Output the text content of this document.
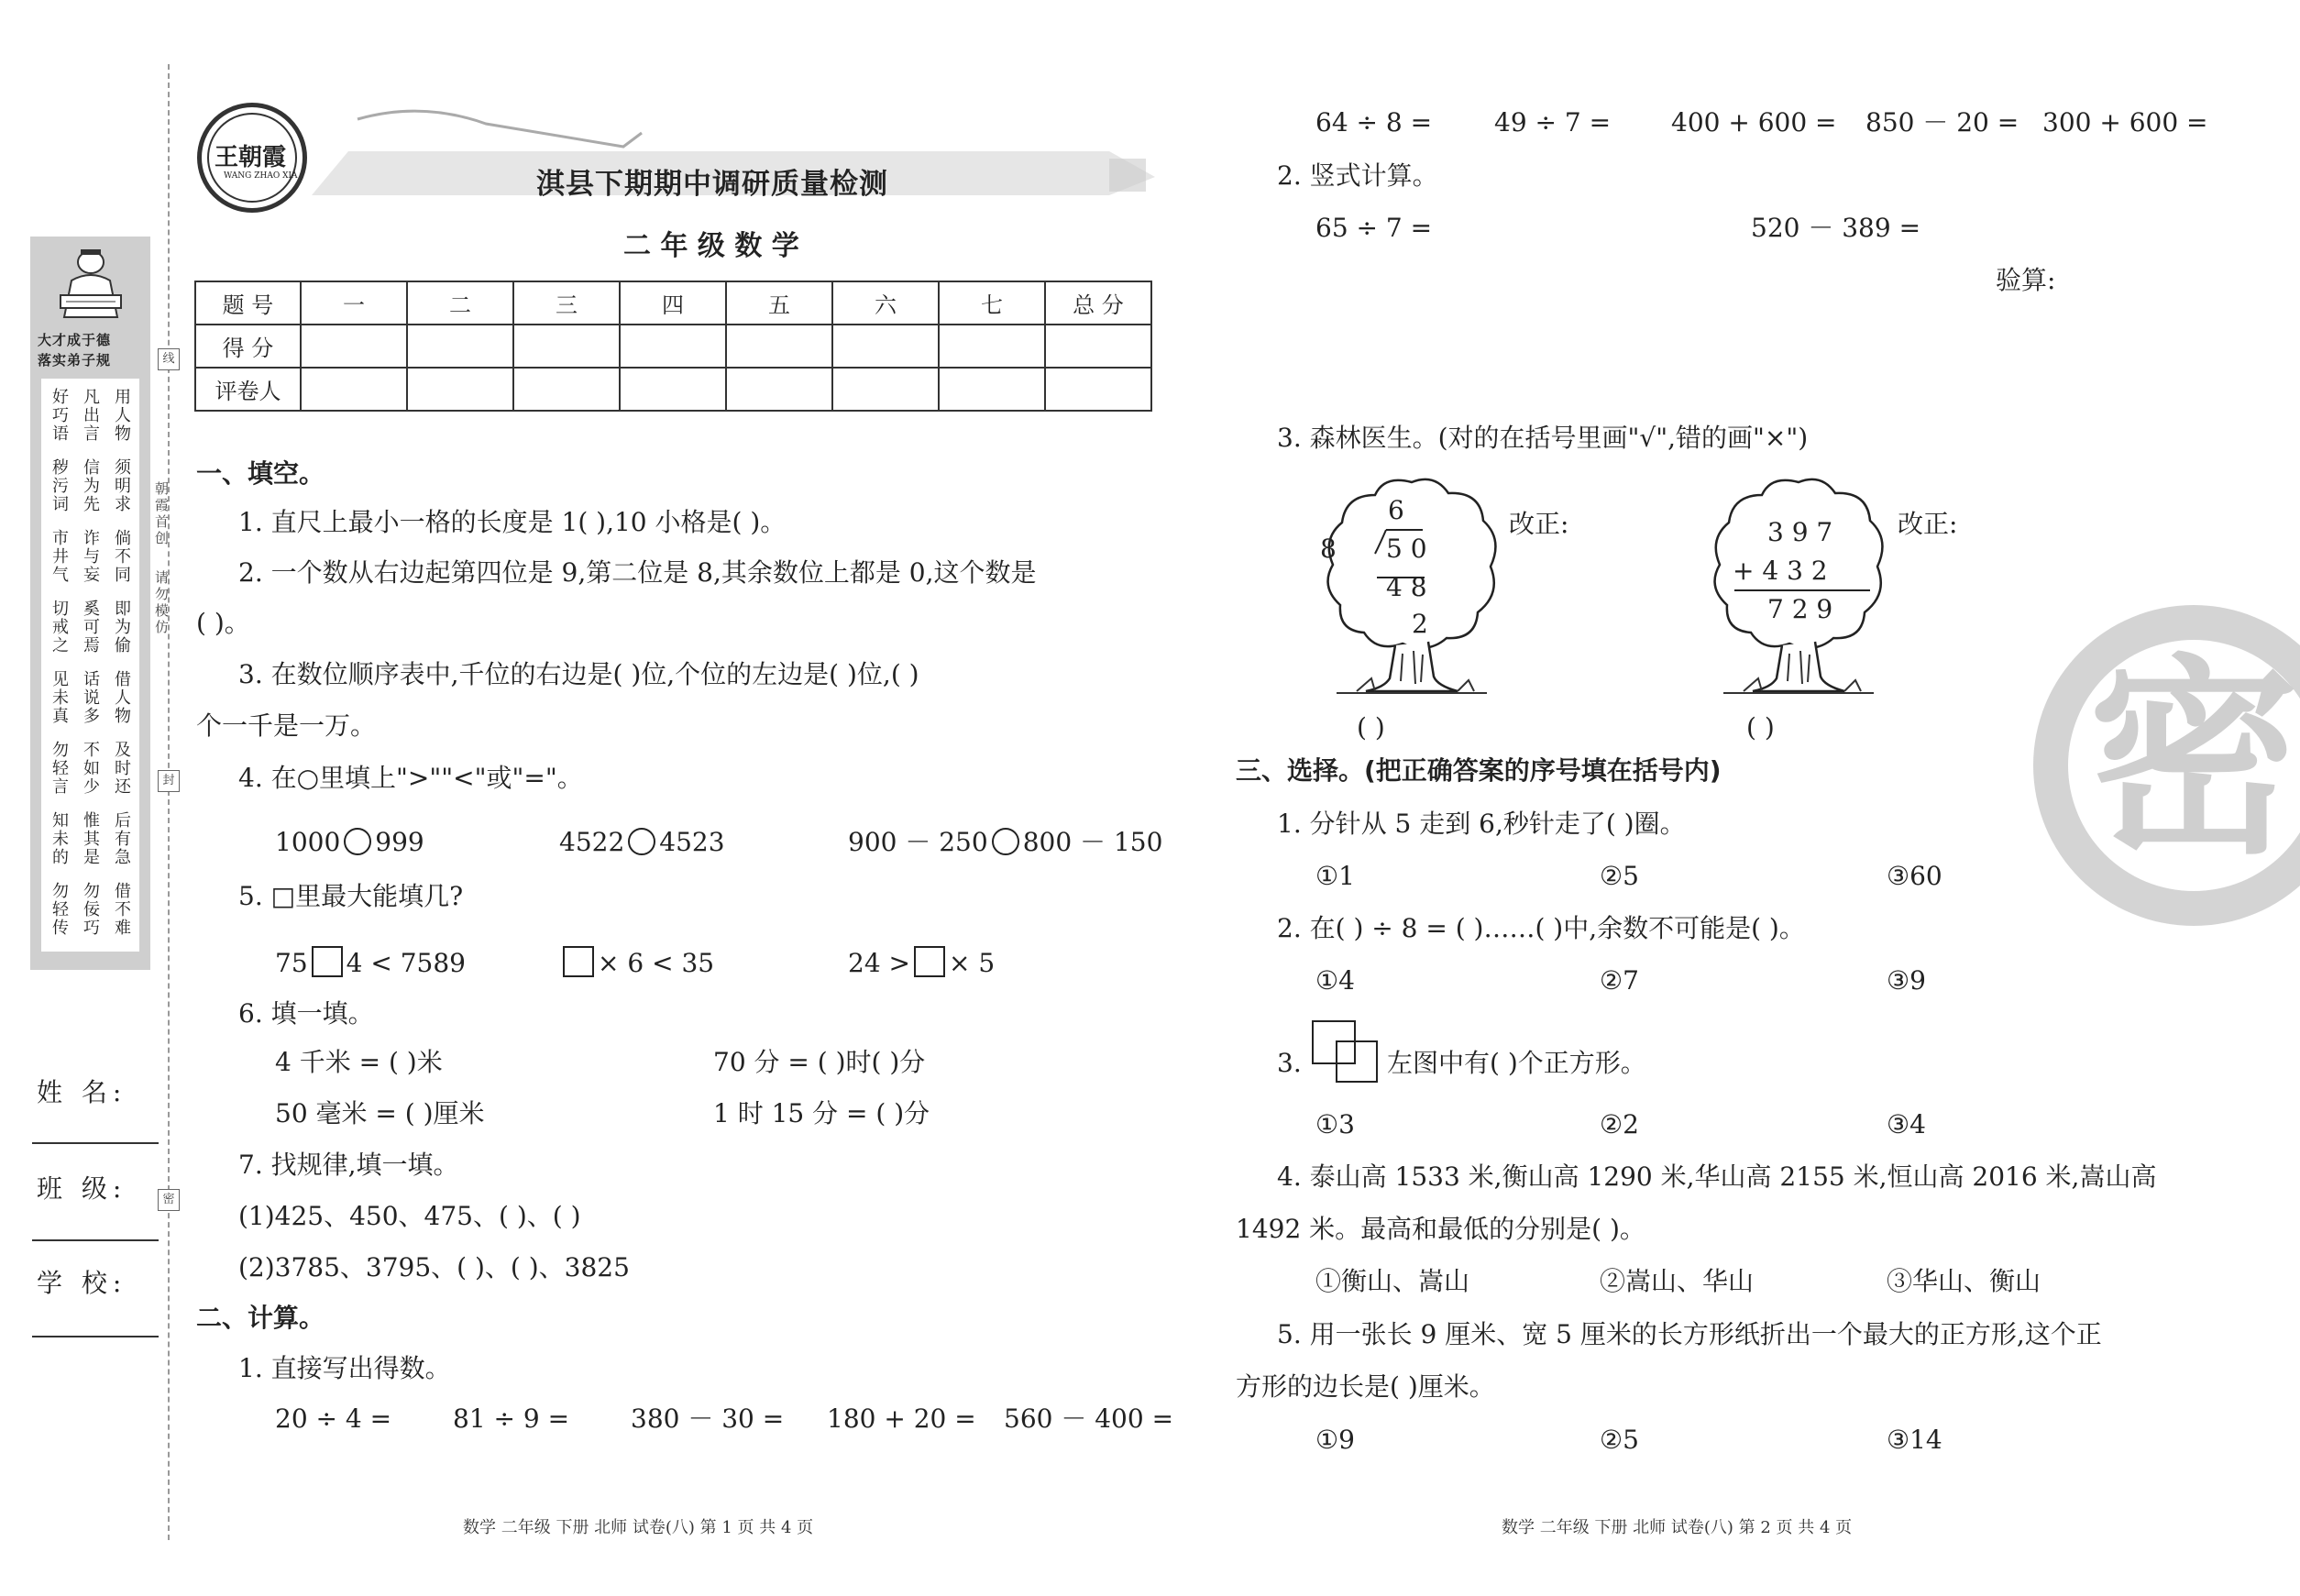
大才成于德
落实弟子规
好巧语 凡出言 用人物
秽污词 信为先 须明求
市井气 诈与妄 倘不同
切戒之 奚可焉 即为偷
见未真 话说多 借人物
勿轻言 不如少 及时还
知未的 惟其是 后有急
勿轻传 勿佞巧 借不难
朝霞首创
请勿模仿
线
封
密
姓 名:
班 级:
学 校:
王朝霞
WANG ZHAO XIA	淇县下期期中调研质量检测
二 年 级 数 学
题 号	一	二	三	四	五	六	七	总 分
得 分								
评卷人								
一、填空。
1. 直尺上最小一格的长度是 1( ),10 小格是( )。
2. 一个数从右边起第四位是 9,第二位是 8,其余数位上都是 0,这个数是
( )。
3. 在数位顺序表中,千位的右边是( )位,个位的左边是( )位,( )
个一千是一万。
4. 在○里填上">""<"或"="。
1000 999	4522 4523	900 － 250 800 － 150
5. □里最大能填几?
75 4 < 7589	× 6 < 35	24 > × 5
6. 填一填。
4 千米 = ( )米	70 分 = ( )时( )分
50 毫米 = ( )厘米	1 时 15 分 = ( )分
7. 找规律,填一填。
(1)425、450、475、( )、( )
(2)3785、3795、( )、( )、3825
二、计算。
1. 直接写出得数。
20 ÷ 4 = 81 ÷ 9 = 380 － 30 = 180 + 20 = 560 － 400 =
数学 二年级 下册 北师 试卷(八) 第 1 页 共 4 页
64 ÷ 8 = 49 ÷ 7 = 400 + 600 = 850 － 20 = 300 + 600 =
2. 竖式计算。
65 ÷ 7 =	520 － 389 =
验算:
3. 森林医生。(对的在括号里画"√",错的画"×")
6
8 5 0
4 8
2
改正:
( )
3 9 7
+ 4 3 2
7 2 9
改正:
( )
三、选择。(把正确答案的序号填在括号内)
1. 分针从 5 走到 6,秒针走了( )圈。
①1	②5	③60
2. 在( ) ÷ 8 = ( )……( )中,余数不可能是( )。
①4	②7	③9
3.	左图中有( )个正方形。
①3	②2	③4
4. 泰山高 1533 米,衡山高 1290 米,华山高 2155 米,恒山高 2016 米,嵩山高
1492 米。最高和最低的分别是( )。
①衡山、嵩山	②嵩山、华山	③华山、衡山
5. 用一张长 9 厘米、宽 5 厘米的长方形纸折出一个最大的正方形,这个正
方形的边长是( )厘米。
①9	②5	③14
密
数学 二年级 下册 北师 试卷(八) 第 2 页 共 4 页
